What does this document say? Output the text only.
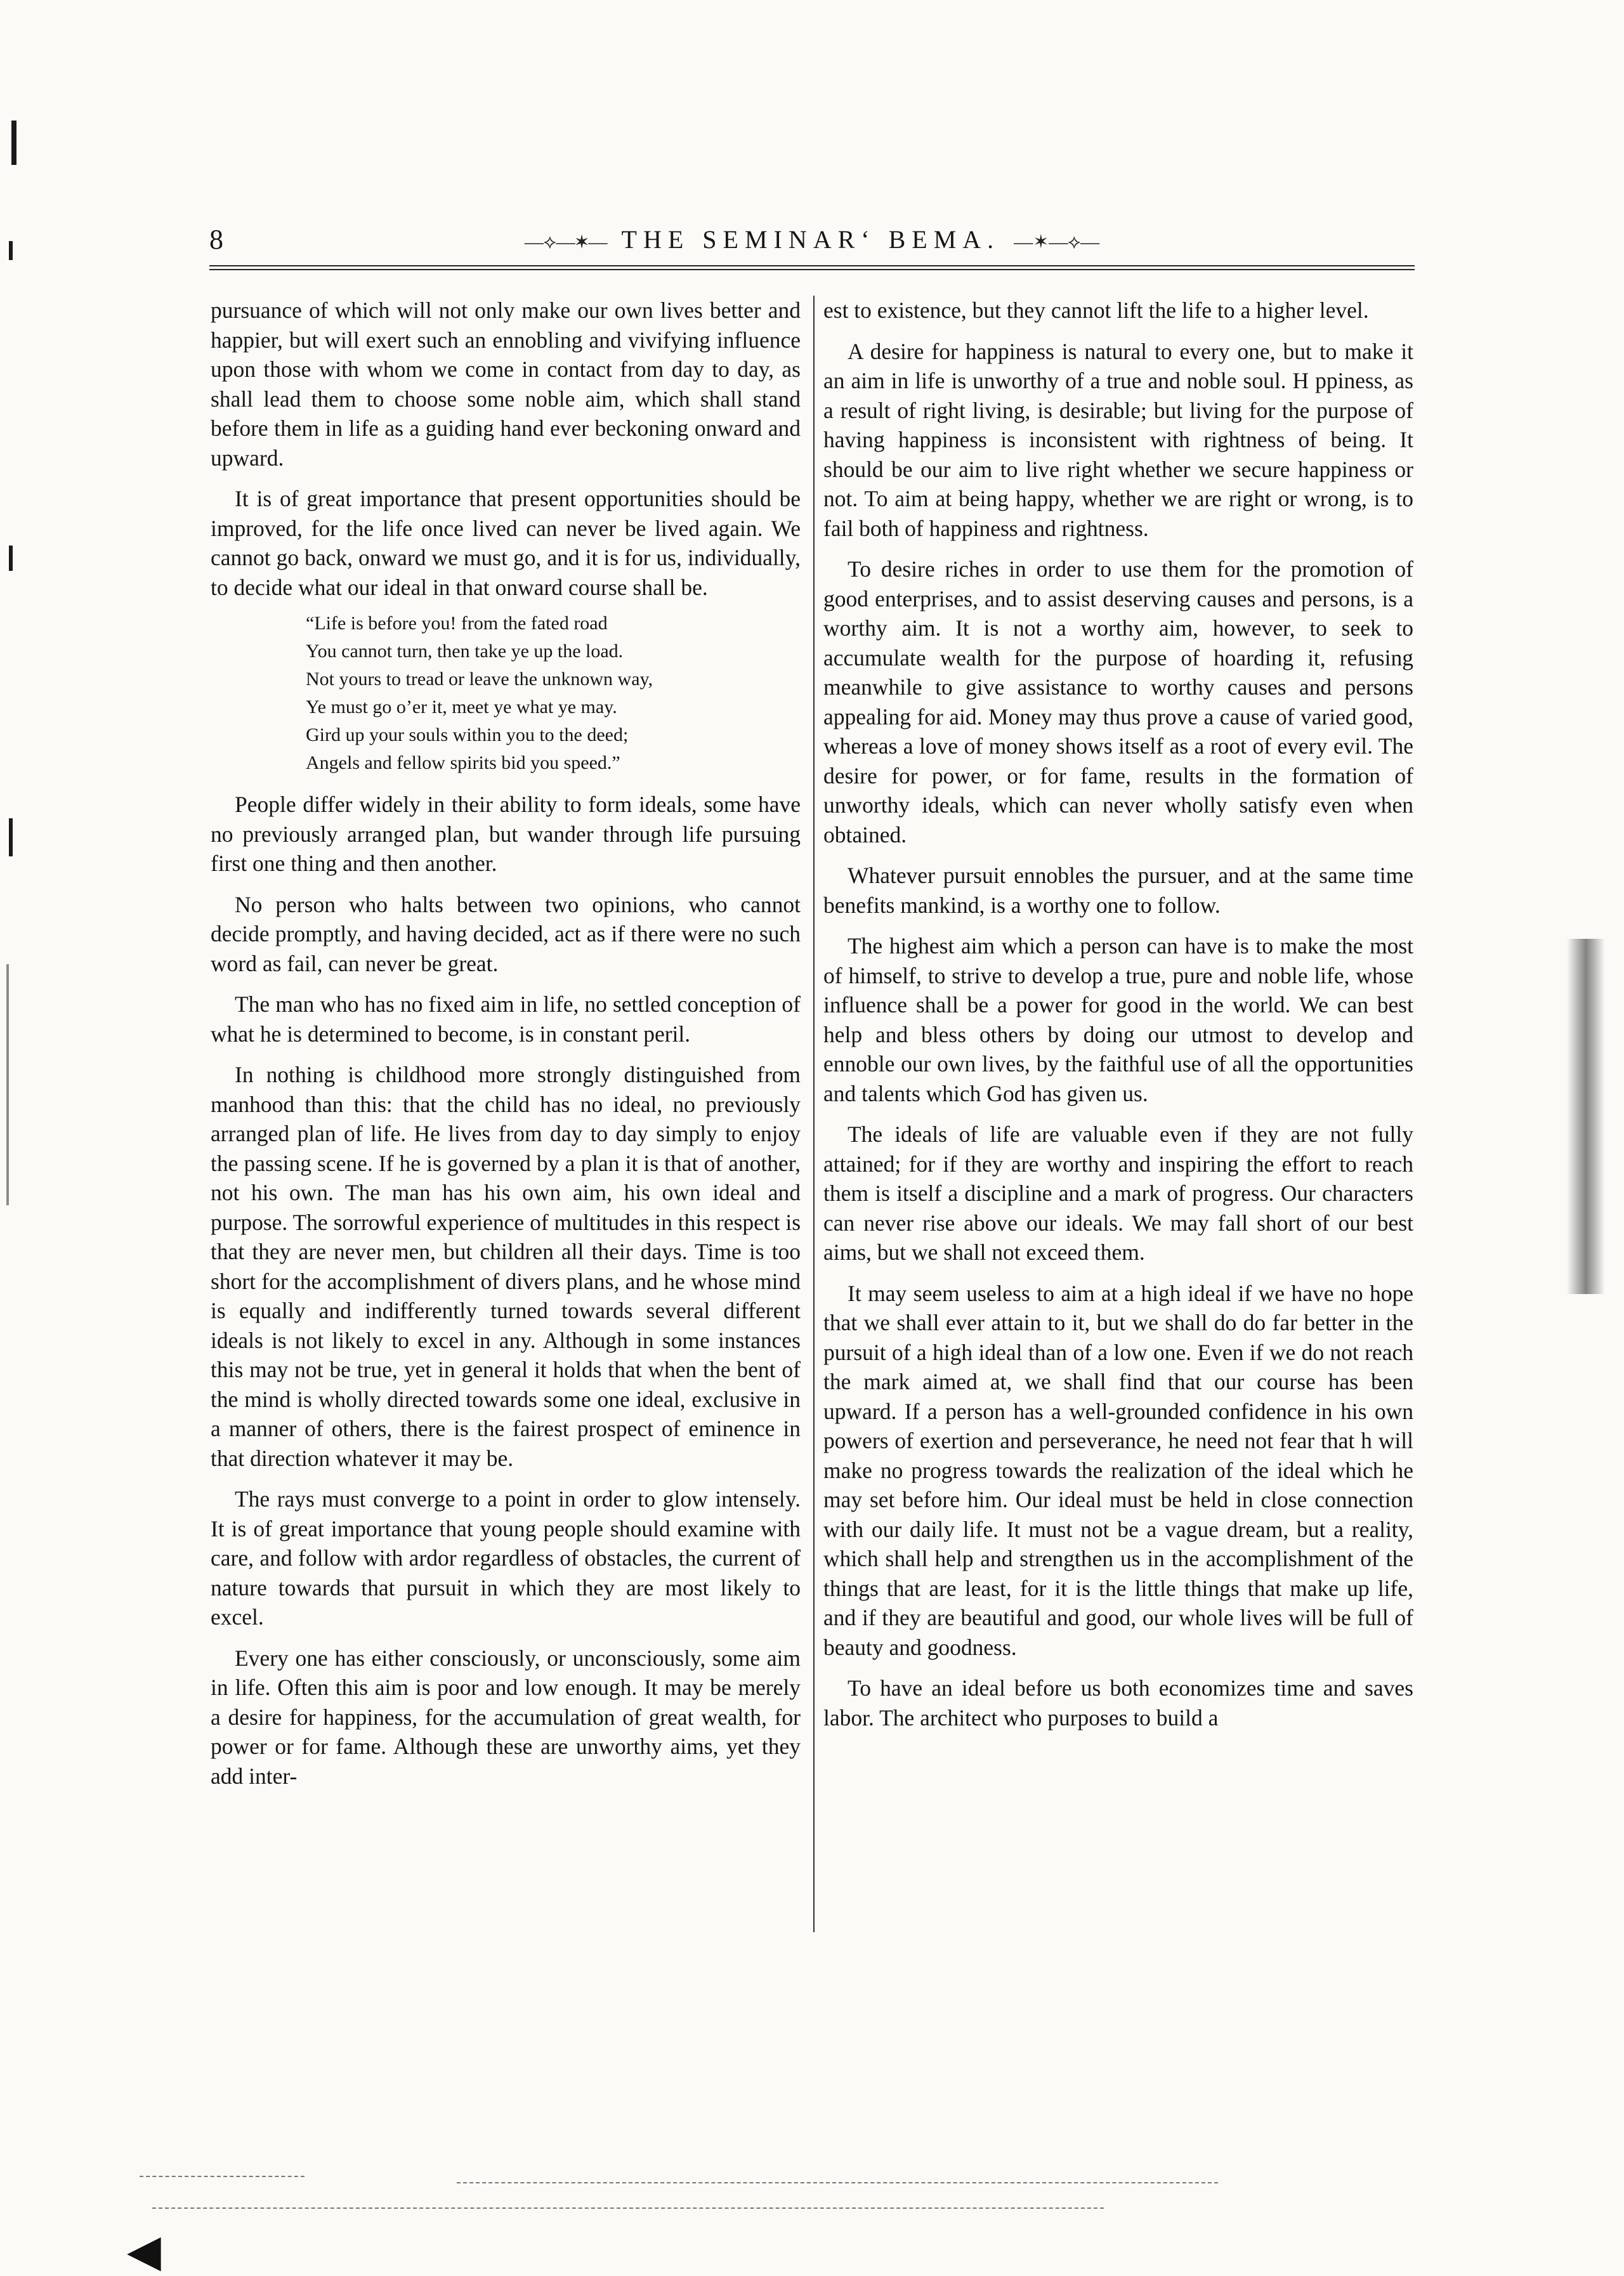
8	—⟡—✶— THE SEMINARʻ BEMA. —✶—⟡—

pursuance of which will not only make our own lives better and happier, but will exert such an ennobling and vivifying influence upon those with whom we come in contact from day to day, as shall lead them to choose some noble aim, which shall stand before them in life as a guiding hand ever beckoning onward and upward.

It is of great importance that present opportunities should be improved, for the life once lived can never be lived again. We cannot go back, onward we must go, and it is for us, individually, to decide what our ideal in that onward course shall be.

“Life is before you! from the fated road
You cannot turn, then take ye up the load.
Not yours to tread or leave the unknown way,
Ye must go o’er it, meet ye what ye may.
Gird up your souls within you to the deed;
Angels and fellow spirits bid you speed.”

People differ widely in their ability to form ideals, some have no previously arranged plan, but wander through life pursuing first one thing and then another.

No person who halts between two opinions, who cannot decide promptly, and having decided, act as if there were no such word as fail, can never be great.

The man who has no fixed aim in life, no settled conception of what he is determined to become, is in constant peril.

In nothing is childhood more strongly distinguished from manhood than this: that the child has no ideal, no previously arranged plan of life. He lives from day to day simply to enjoy the passing scene. If he is governed by a plan it is that of another, not his own. The man has his own aim, his own ideal and purpose. The sorrowful experience of multitudes in this respect is that they are never men, but children all their days. Time is too short for the accomplishment of divers plans, and he whose mind is equally and indifferently turned towards several different ideals is not likely to excel in any. Although in some instances this may not be true, yet in general it holds that when the bent of the mind is wholly directed towards some one ideal, exclusive in a manner of others, there is the fairest prospect of eminence in that direction whatever it may be.

The rays must converge to a point in order to glow intensely. It is of great importance that young people should examine with care, and follow with ardor regardless of obstacles, the current of nature towards that pursuit in which they are most likely to excel.

Every one has either consciously, or unconsciously, some aim in life. Often this aim is poor and low enough. It may be merely a desire for happiness, for the accumulation of great wealth, for power or for fame. Although these are unworthy aims, yet they add inter-

est to existence, but they cannot lift the life to a higher level.

A desire for happiness is natural to every one, but to make it an aim in life is unworthy of a true and noble soul. H ppiness, as a result of right living, is desirable; but living for the purpose of having happiness is inconsistent with rightness of being. It should be our aim to live right whether we secure happiness or not. To aim at being happy, whether we are right or wrong, is to fail both of happiness and rightness.

To desire riches in order to use them for the promotion of good enterprises, and to assist deserving causes and persons, is a worthy aim. It is not a worthy aim, however, to seek to accumulate wealth for the purpose of hoarding it, refusing meanwhile to give assistance to worthy causes and persons appealing for aid. Money may thus prove a cause of varied good, whereas a love of money shows itself as a root of every evil. The desire for power, or for fame, results in the formation of unworthy ideals, which can never wholly satisfy even when obtained.

Whatever pursuit ennobles the pursuer, and at the same time benefits mankind, is a worthy one to follow.

The highest aim which a person can have is to make the most of himself, to strive to develop a true, pure and noble life, whose influence shall be a power for good in the world. We can best help and bless others by doing our utmost to develop and ennoble our own lives, by the faithful use of all the opportunities and talents which God has given us.

The ideals of life are valuable even if they are not fully attained; for if they are worthy and inspiring the effort to reach them is itself a discipline and a mark of progress. Our characters can never rise above our ideals. We may fall short of our best aims, but we shall not exceed them.

It may seem useless to aim at a high ideal if we have no hope that we shall ever attain to it, but we shall do do far better in the pursuit of a high ideal than of a low one. Even if we do not reach the mark aimed at, we shall find that our course has been upward. If a person has a well-grounded confidence in his own powers of exertion and perseverance, he need not fear that h will make no progress towards the realization of the ideal which he may set before him. Our ideal must be held in close connection with our daily life. It must not be a vague dream, but a reality, which shall help and strengthen us in the accomplishment of the things that are least, for it is the little things that make up life, and if they are beautiful and good, our whole lives will be full of beauty and goodness.

To have an ideal before us both economizes time and saves labor. The architect who purposes to build a

◀
